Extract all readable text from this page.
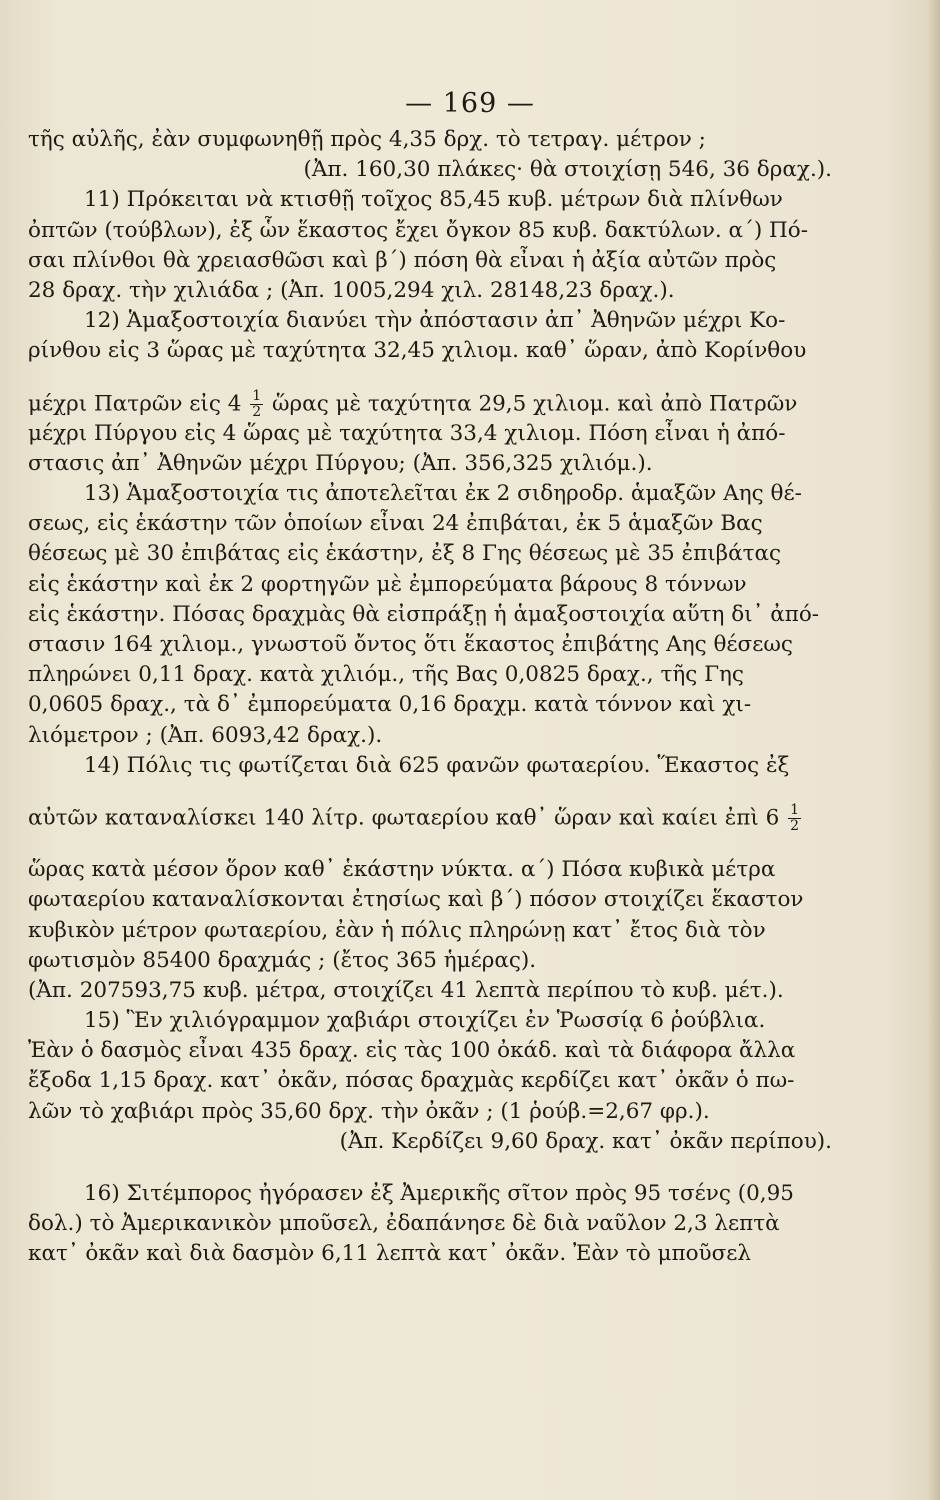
— 169 —
τῆς αὐλῆς, ἐὰν συμφωνηθῇ πρὸς 4,35 δρχ. τὸ τετραγ. μέτρον ;
(Ἀπ. 160,30 πλάκες· θὰ στοιχίσῃ 546, 36 δραχ.).
11) Πρόκειται νὰ κτισθῇ τοῖχος 85,45 κυβ. μέτρων διὰ πλίνθων
ὀπτῶν (τούβλων), ἐξ ὧν ἕκαστος ἔχει ὄγκον 85 κυβ. δακτύλων. α΄) Πό-
σαι πλίνθοι θὰ χρειασθῶσι καὶ β΄) πόση θὰ εἶναι ἡ ἀξία αὐτῶν πρὸς
28 δραχ. τὴν χιλιάδα ; (Ἀπ. 1005,294 χιλ. 28148,23 δραχ.).
12) Ἁμαξοστοιχία διανύει τὴν ἀπόστασιν ἀπ᾽ Ἀθηνῶν μέχρι Κο-
ρίνθου εἰς 3 ὥρας μὲ ταχύτητα 32,45 χιλιομ. καθ᾽ ὥραν, ἀπὸ Κορίνθου
μέχρι Πατρῶν εἰς $4 \frac{1}{2}$ ὥρας μὲ ταχύτητα 29,5 χιλιομ. καὶ ἀπὸ Πατρῶν
μέχρι Πύργου εἰς 4 ὥρας μὲ ταχύτητα 33,4 χιλιομ. Πόση εἶναι ἡ ἀπό-
στασις ἀπ᾽ Ἀθηνῶν μέχρι Πύργου; (Ἀπ. 356,325 χιλιόμ.).
13) Ἁμαξοστοιχία τις ἀποτελεῖται ἐκ 2 σιδηροδρ. ἁμαξῶν Αης θέ-
σεως, εἰς ἑκάστην τῶν ὁποίων εἶναι 24 ἐπιβάται, ἐκ 5 ἁμαξῶν Βας
θέσεως μὲ 30 ἐπιβάτας εἰς ἑκάστην, ἐξ 8 Γης θέσεως μὲ 35 ἐπιβάτας
εἰς ἑκάστην καὶ ἐκ 2 φορτηγῶν μὲ ἐμπορεύματα βάρους 8 τόννων
εἰς ἑκάστην. Πόσας δραχμὰς θὰ εἰσπράξῃ ἡ ἁμαξοστοιχία αὕτη δι᾽ ἀπό-
στασιν 164 χιλιομ., γνωστοῦ ὄντος ὅτι ἕκαστος ἐπιβάτης Αης θέσεως
πληρώνει 0,11 δραχ. κατὰ χιλιόμ., τῆς Βας 0,0825 δραχ., τῆς Γης
0,0605 δραχ., τὰ δ᾽ ἐμπορεύματα 0,16 δραχμ. κατὰ τόννον καὶ χι-
λιόμετρον ; (Ἀπ. 6093,42 δραχ.).
14) Πόλις τις φωτίζεται διὰ 625 φανῶν φωταερίου. Ἕκαστος ἐξ
αὐτῶν καταναλίσκει 140 λίτρ. φωταερίου καθ᾽ ὥραν καὶ καίει ἐπὶ $6 \frac{1}{2}$
ὥρας κατὰ μέσον ὅρον καθ᾽ ἑκάστην νύκτα. α΄) Πόσα κυβικὰ μέτρα
φωταερίου καταναλίσκονται ἐτησίως καὶ β΄) πόσον στοιχίζει ἕκαστον
κυβικὸν μέτρον φωταερίου, ἐὰν ἡ πόλις πληρώνῃ κατ᾽ ἔτος διὰ τὸν
φωτισμὸν 85400 δραχμάς ; (ἔτος 365 ἡμέρας).
(Ἀπ. 207593,75 κυβ. μέτρα, στοιχίζει 41 λεπτὰ περίπου τὸ κυβ. μέτ.).
15) Ἓν χιλιόγραμμον χαβιάρι στοιχίζει ἐν Ῥωσσίᾳ 6 ῥούβλια.
Ἐὰν ὁ δασμὸς εἶναι 435 δραχ. εἰς τὰς 100 ὀκάδ. καὶ τὰ διάφορα ἄλλα
ἔξοδα 1,15 δραχ. κατ᾽ ὀκᾶν, πόσας δραχμὰς κερδίζει κατ᾽ ὀκᾶν ὁ πω-
λῶν τὸ χαβιάρι πρὸς 35,60 δρχ. τὴν ὀκᾶν ; (1 ῥούβ.=2,67 φρ.).
(Ἀπ. Κερδίζει 9,60 δραχ. κατ᾽ ὀκᾶν περίπου).
16) Σιτέμπορος ἠγόρασεν ἐξ Ἀμερικῆς σῖτον πρὸς 95 τσένς (0,95
δολ.) τὸ Ἀμερικανικὸν μποῦσελ, ἐδαπάνησε δὲ διὰ ναῦλον 2,3 λεπτὰ
κατ᾽ ὀκᾶν καὶ διὰ δασμὸν 6,11 λεπτὰ κατ᾽ ὀκᾶν. Ἐὰν τὸ μποῦσελ
